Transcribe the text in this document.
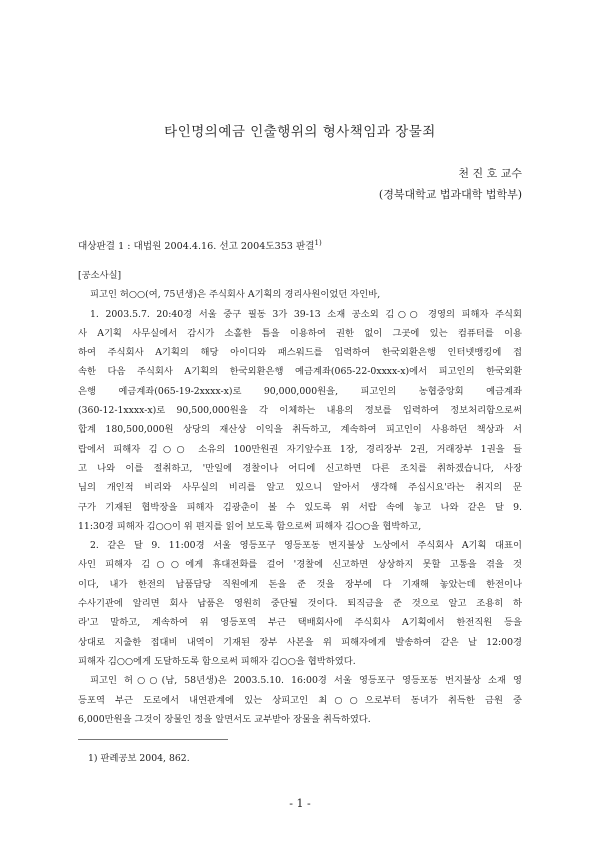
타인명의예금 인출행위의 형사책임과 장물죄
천 진 호 교수
(경북대학교 법과대학 법학부)
대상판결 1 : 대법원 2004.4.16. 선고 2004도353 판결$^{1)}$

[공소사실]

피고인 허○○(여, 75년생)은 주식회사 A기획의 경리사원이었던 자인바,

1. 2003.5.7. 20:40경 서울 중구 필동 3가 39-13 소재 공소외 김○○ 경영의 피해자 주식회

사 A기획 사무실에서 감시가 소홀한 틈을 이용하여 권한 없이 그곳에 있는 컴퓨터를 이용

하여 주식회사 A기획의 해당 아이디와 패스워드를 입력하여 한국외환은행 인터넷뱅킹에 접

속한 다음 주식회사 A기획의 한국외환은행 예금계좌(065-22-0xxxx-x)에서 피고인의 한국외환

은행 예금계좌(065-19-2xxxx-x)로 90,000,000원을, 피고인의 농협중앙회 예금계좌

(360-12-1xxxx-x)로 90,500,000원을 각 이체하는 내용의 정보를 입력하여 정보처리함으로써

합계 180,500,000원 상당의 재산상 이익을 취득하고, 계속하여 피고인이 사용하던 책상과 서

랍에서 피해자 김○○ 소유의 100만원권 자기앞수표 1장, 경리장부 2권, 거래장부 1권을 들

고 나와 이를 절취하고, '만일에 경찰이나 어디에 신고하면 다른 조치를 취하겠습니다, 사장

님의 개인적 비리와 사무실의 비리를 알고 있으니 알아서 생각해 주십시요'라는 취지의 문

구가 기재된 협박장을 피해자 김광춘이 볼 수 있도록 위 서랍 속에 놓고 나와 같은 달 9.

11:30경 피해자 김○○이 위 편지를 읽어 보도록 함으로써 피해자 김○○을 협박하고,

2. 같은 달 9. 11:00경 서울 영등포구 영등포동 번지불상 노상에서 주식회사 A기획 대표이

사인 피해자 김○○에게 휴대전화를 걸어 '경찰에 신고하면 상상하지 못할 고통을 겪을 것

이다, 내가 한전의 납품담당 직원에게 돈을 준 것을 장부에 다 기재해 놓았는데 한전이나

수사기관에 알리면 회사 납품은 영원히 중단될 것이다. 퇴직금을 준 것으로 알고 조용히 하

라'고 말하고, 계속하여 위 영등포역 부근 택배회사에 주식회사 A기획에서 한전직원 등을

상대로 지출한 접대비 내역이 기재된 장부 사본을 위 피해자에게 발송하여 같은 날 12:00경

피해자 김○○에게 도달하도록 함으로써 피해자 김○○을 협박하였다.

피고인 허○○(남, 58년생)은 2003.5.10. 16:00경 서울 영등포구 영등포동 번지불상 소재 영

등포역 부근 도로에서 내연관계에 있는 상피고인 최○○으로부터 동녀가 취득한 금원 중

6,000만원을 그것이 장물인 정을 알면서도 교부받아 장물을 취득하였다.

1) 판례공보 2004, 862.
- 1 -
